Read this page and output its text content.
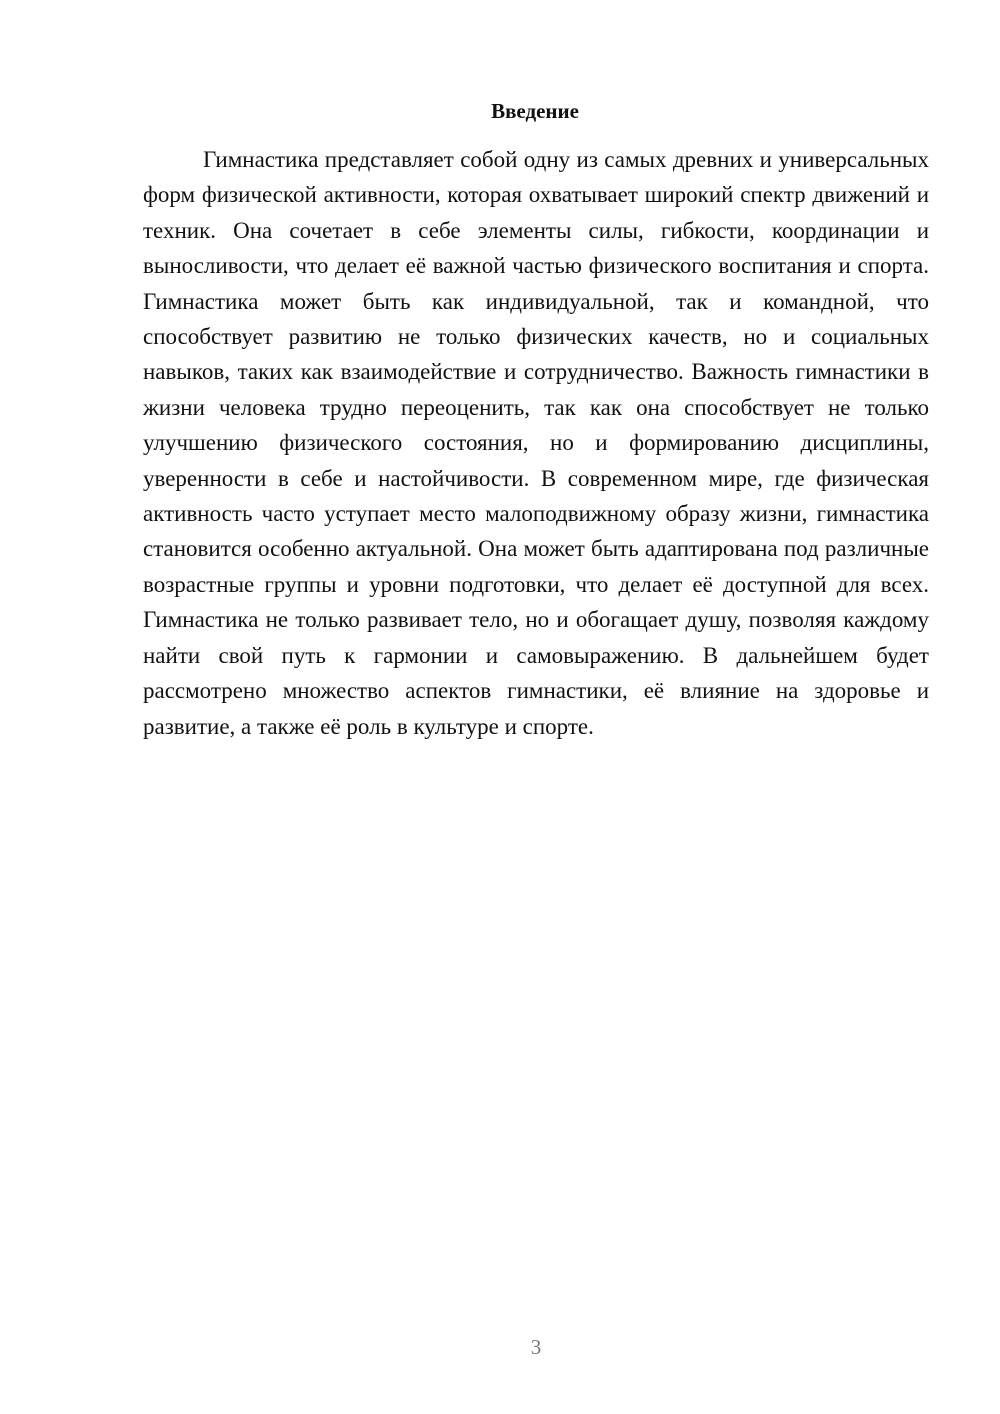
Введение

Гимнастика представляет собой одну из самых древних и универсальных форм физической активности, которая охватывает широкий спектр движений и техник. Она сочетает в себе элементы силы, гибкости, координации и выносливости, что делает её важной частью физического воспитания и спорта. Гимнастика может быть как индивидуальной, так и командной, что способствует развитию не только физических качеств, но и социальных навыков, таких как взаимодействие и сотрудничество. Важность гимнастики в жизни человека трудно переоценить, так как она способствует не только улучшению физического состояния, но и формированию дисциплины, уверенности в себе и настойчивости. В современном мире, где физическая активность часто уступает место малоподвижному образу жизни, гимнастика становится особенно актуальной. Она может быть адаптирована под различные возрастные группы и уровни подготовки, что делает её доступной для всех. Гимнастика не только развивает тело, но и обогащает душу, позволяя каждому найти свой путь к гармонии и самовыражению. В дальнейшем будет рассмотрено множество аспектов гимнастики, её влияние на здоровье и развитие, а также её роль в культуре и спорте.

3
